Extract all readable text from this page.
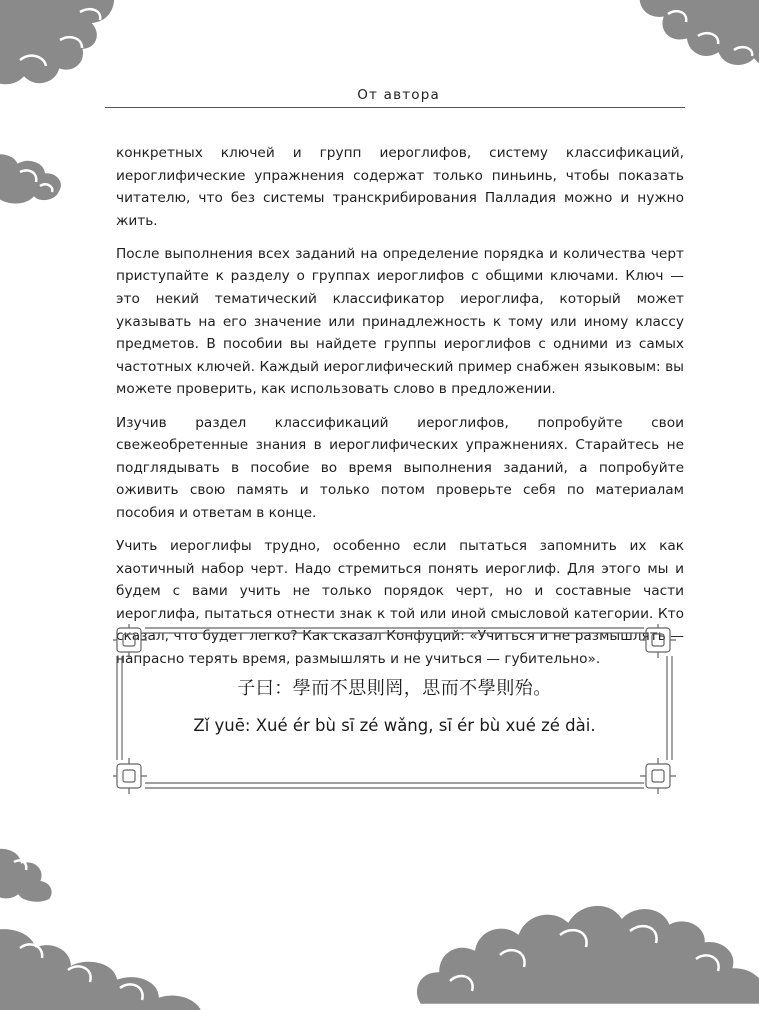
От автора

конкретных ключей и групп иероглифов, систему классификаций, иероглифические упражнения содержат только пиньинь, чтобы показать читателю, что без системы транскрибирования Палладия можно и нужно жить.

После выполнения всех заданий на определение порядка и количества черт приступайте к разделу о группах иероглифов с общими ключами. Ключ — это некий тематический классификатор иероглифа, который может указывать на его значение или принадлежность к тому или иному классу предметов. В пособии вы найдете группы иероглифов с одними из самых частотных ключей. Каждый иероглифический пример снабжен языковым: вы можете проверить, как использовать слово в предложении.

Изучив раздел классификаций иероглифов, попробуйте свои свежеобретенные знания в иероглифических упражнениях. Старайтесь не подглядывать в пособие во время выполнения заданий, а попробуйте оживить свою память и только потом проверьте себя по материалам пособия и ответам в конце.

Учить иероглифы трудно, особенно если пытаться запомнить их как хаотичный набор черт. Надо стремиться понять иероглиф. Для этого мы и будем с вами учить не только порядок черт, но и составные части иероглифа, пытаться отнести знак к той или иной смысловой категории. Кто сказал, что будет легко? Как сказал Конфуций: «Учиться и не размышлять — напрасно терять время, размышлять и не учиться — губительно».

子曰：學而不思則罔，思而不學則殆。
Zǐ yuē: Xué ér bù sī zé wǎng, sī ér bù xué zé dài.
